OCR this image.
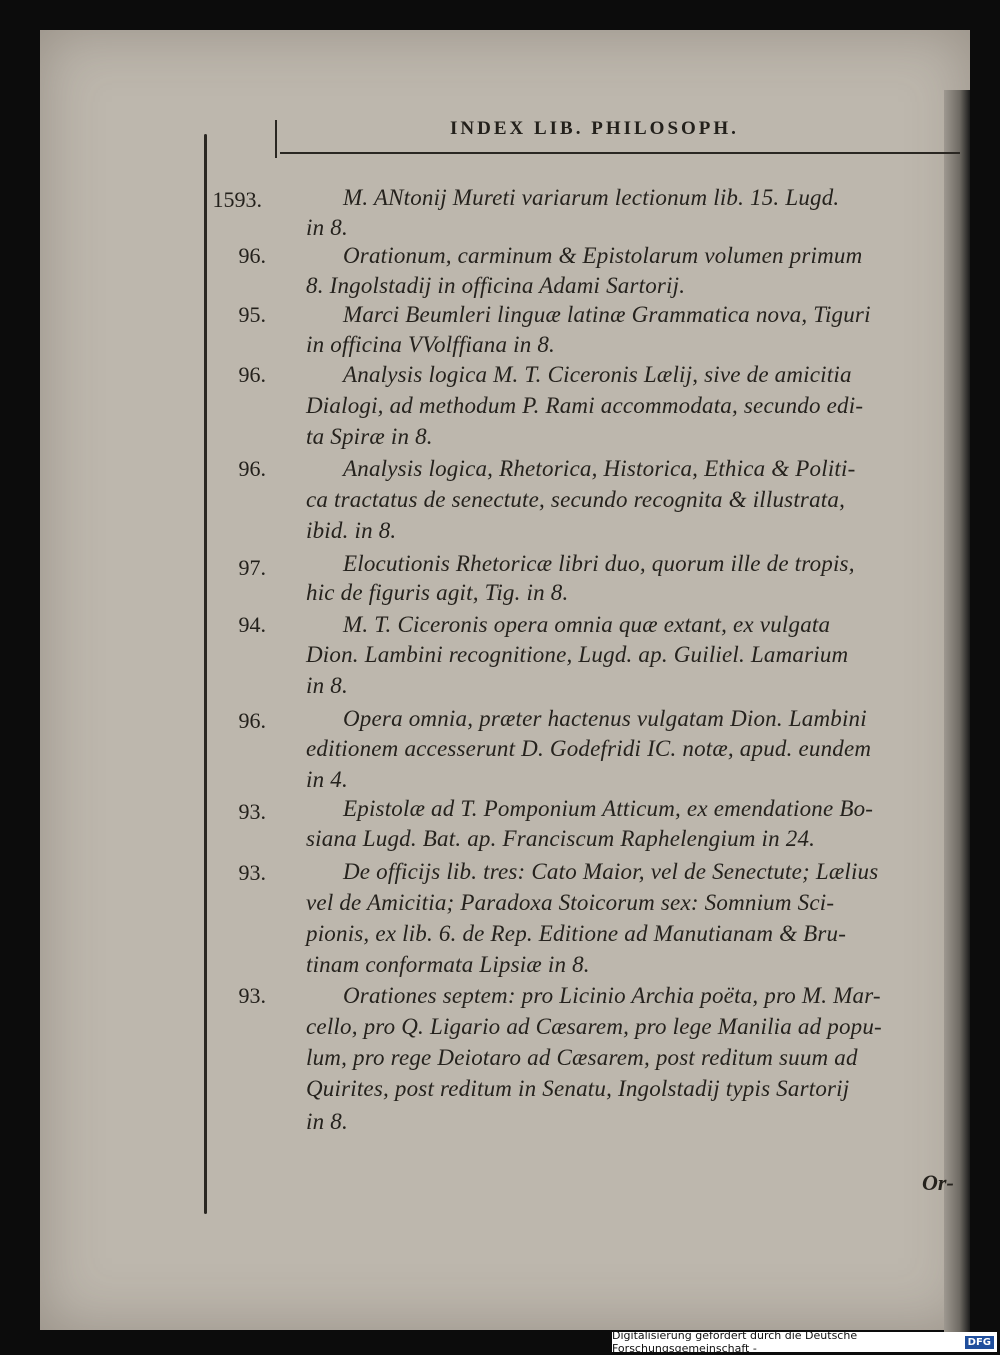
INDEX LIB. PHILOSOPH.
1593.
96.
95.
96.
96.
97.
94.
96.
93.
93.
93.
M. ANtonij Mureti variarum lectionum lib. 15. Lugd.
in 8.
Orationum, carminum & Epistolarum volumen primum
8. Ingolstadij in officina Adami Sartorij.
Marci Beumleri linguæ latinæ Grammatica nova, Tiguri
in officina VVolffiana in 8.
Analysis logica M. T. Ciceronis Lælij, sive de amicitia
Dialogi, ad methodum P. Rami accommodata, secundo edi-
ta Spiræ in 8.
Analysis logica, Rhetorica, Historica, Ethica & Politi-
ca tractatus de senectute, secundo recognita & illustrata,
ibid. in 8.
Elocutionis Rhetoricæ libri duo, quorum ille de tropis,
hic de figuris agit, Tig. in 8.
M. T. Ciceronis opera omnia quæ extant, ex vulgata
Dion. Lambini recognitione, Lugd. ap. Guiliel. Lamarium
in 8.
Opera omnia, præter hactenus vulgatam Dion. Lambini
editionem accesserunt D. Godefridi IC. notæ, apud. eundem
in 4.
Epistolæ ad T. Pomponium Atticum, ex emendatione Bo-
siana Lugd. Bat. ap. Franciscum Raphelengium in 24.
De officijs lib. tres: Cato Maior, vel de Senectute; Lælius
vel de Amicitia; Paradoxa Stoicorum sex: Somnium Sci-
pionis, ex lib. 6. de Rep. Editione ad Manutianam & Bru-
tinam conformata Lipsiæ in 8.
Orationes septem: pro Licinio Archia poëta, pro M. Mar-
cello, pro Q. Ligario ad Cæsarem, pro lege Manilia ad popu-
lum, pro rege Deiotaro ad Cæsarem, post reditum suum ad
Quirites, post reditum in Senatu, Ingolstadij typis Sartorij
in 8.
Or-
Digitalisierung gefördert durch die Deutsche Forschungsgemeinschaft -	DFG
